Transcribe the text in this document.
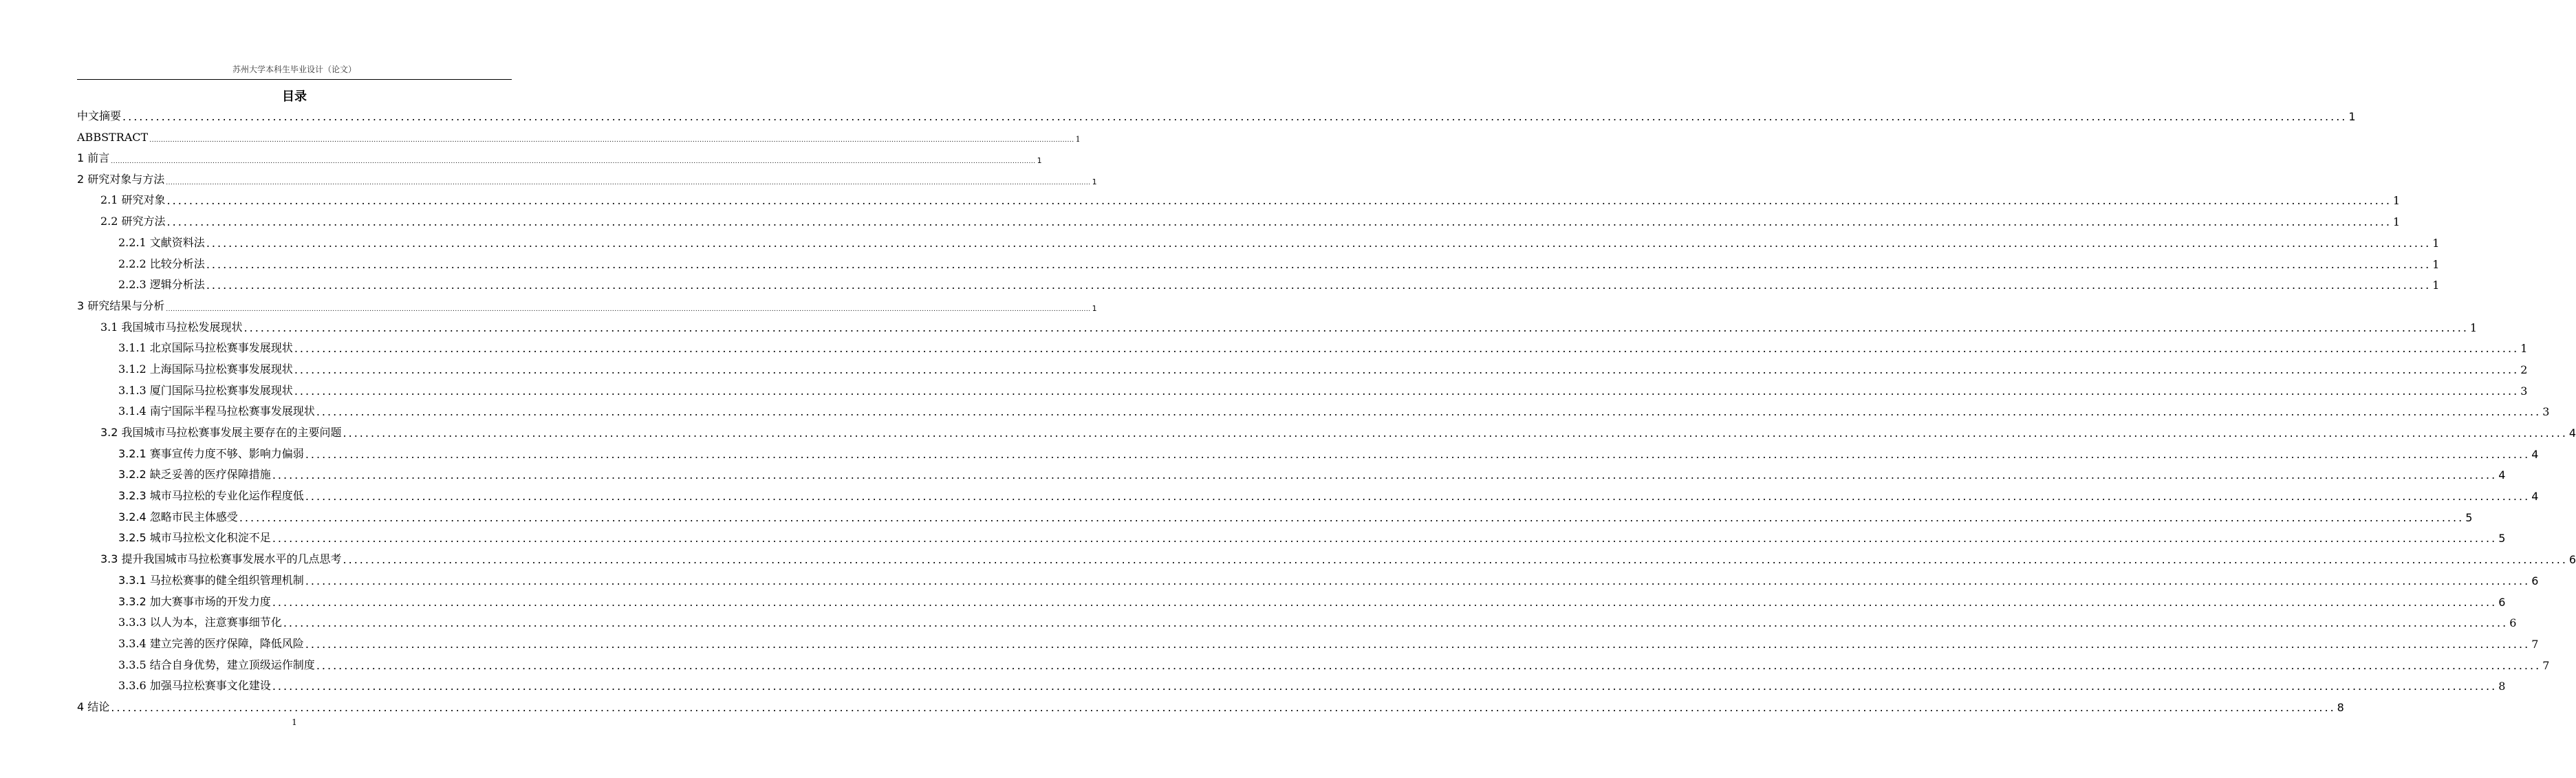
苏州大学本科生毕业设计（论文）
目录
中文摘要 ................................................................................................................................................................................................................................................................................................................................................................................................................ 1
ABBSTRACT ................................................................................................................................................................................................................................................................................................................................................................................................................ 1
1 前言 ................................................................................................................................................................................................................................................................................................................................................................................................................ 1
2 研究对象与方法 ................................................................................................................................................................................................................................................................................................................................................................................................................ 1
2.1 研究对象 ................................................................................................................................................................................................................................................................................................................................................................................................................ 1
2.2 研究方法 ................................................................................................................................................................................................................................................................................................................................................................................................................ 1
2.2.1 文献资料法 ................................................................................................................................................................................................................................................................................................................................................................................................................ 1
2.2.2 比较分析法 ................................................................................................................................................................................................................................................................................................................................................................................................................ 1
2.2.3 逻辑分析法 ................................................................................................................................................................................................................................................................................................................................................................................................................ 1
3 研究结果与分析 ................................................................................................................................................................................................................................................................................................................................................................................................................ 1
3.1 我国城市马拉松发展现状 ................................................................................................................................................................................................................................................................................................................................................................................................................ 1
3.1.1 北京国际马拉松赛事发展现状 ................................................................................................................................................................................................................................................................................................................................................................................................................ 1
3.1.2 上海国际马拉松赛事发展现状 ................................................................................................................................................................................................................................................................................................................................................................................................................ 2
3.1.3 厦门国际马拉松赛事发展现状 ................................................................................................................................................................................................................................................................................................................................................................................................................ 3
3.1.4 南宁国际半程马拉松赛事发展现状 ................................................................................................................................................................................................................................................................................................................................................................................................................ 3
3.2 我国城市马拉松赛事发展主要存在的主要问题 ................................................................................................................................................................................................................................................................................................................................................................................................................ 4
3.2.1 赛事宣传力度不够、影响力偏弱 ................................................................................................................................................................................................................................................................................................................................................................................................................ 4
3.2.2 缺乏妥善的医疗保障措施 ................................................................................................................................................................................................................................................................................................................................................................................................................ 4
3.2.3 城市马拉松的专业化运作程度低 ................................................................................................................................................................................................................................................................................................................................................................................................................ 4
3.2.4 忽略市民主体感受 ................................................................................................................................................................................................................................................................................................................................................................................................................ 5
3.2.5 城市马拉松文化积淀不足 ................................................................................................................................................................................................................................................................................................................................................................................................................ 5
3.3 提升我国城市马拉松赛事发展水平的几点思考 ................................................................................................................................................................................................................................................................................................................................................................................................................ 6
3.3.1 马拉松赛事的健全组织管理机制 ................................................................................................................................................................................................................................................................................................................................................................................................................ 6
3.3.2 加大赛事市场的开发力度 ................................................................................................................................................................................................................................................................................................................................................................................................................ 6
3.3.3 以人为本，注意赛事细节化 ................................................................................................................................................................................................................................................................................................................................................................................................................ 6
3.3.4 建立完善的医疗保障，降低风险 ................................................................................................................................................................................................................................................................................................................................................................................................................ 7
3.3.5 结合自身优势，建立顶级运作制度 ................................................................................................................................................................................................................................................................................................................................................................................................................ 7
3.3.6 加强马拉松赛事文化建设 ................................................................................................................................................................................................................................................................................................................................................................................................................ 8
4 结论 ................................................................................................................................................................................................................................................................................................................................................................................................................ 8
1
